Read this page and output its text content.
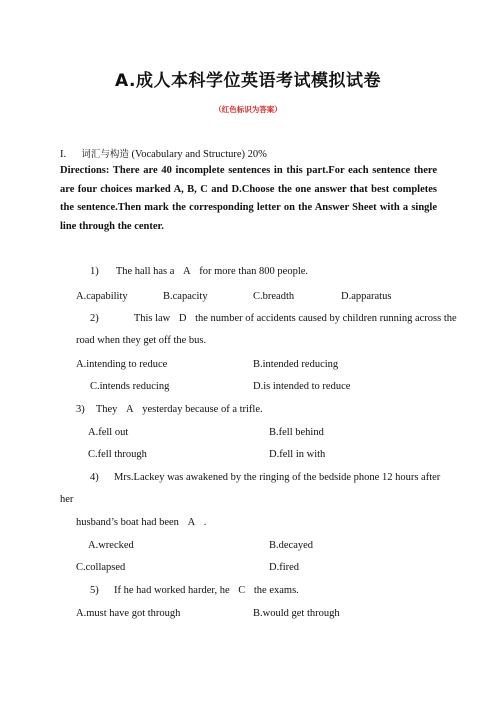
A.成人本科学位英语考试模拟试卷
（红色标识为答案）
I. 词汇与构造 (Vocabulary and Structure) 20%
Directions: There are 40 incomplete sentences in this part.For each sentence there are four choices marked A, B, C and D.Choose the one answer that best completes the sentence.Then mark the corresponding letter on the Answer Sheet with a single line through the center.
1) The hall has a A for more than 800 people.
A.capability	B.capacity	C.breadth	D.apparatus
2)	This law D the number of accidents caused by children running across the
road when they get off the bus.
A.intending to reduce	B.intended reducing
C.intends reducing	D.is intended to reduce
3) They A yesterday because of a trifle.
A.fell out	B.fell behind
C.fell through	D.fell in with
4) Mrs.Lackey was awakened by the ringing of the bedside phone 12 hours after
her
husband’s boat had been A .
A.wrecked	B.decayed
C.collapsed	D.fired
5) If he had worked harder, he C the exams.
A.must have got through	B.would get through
